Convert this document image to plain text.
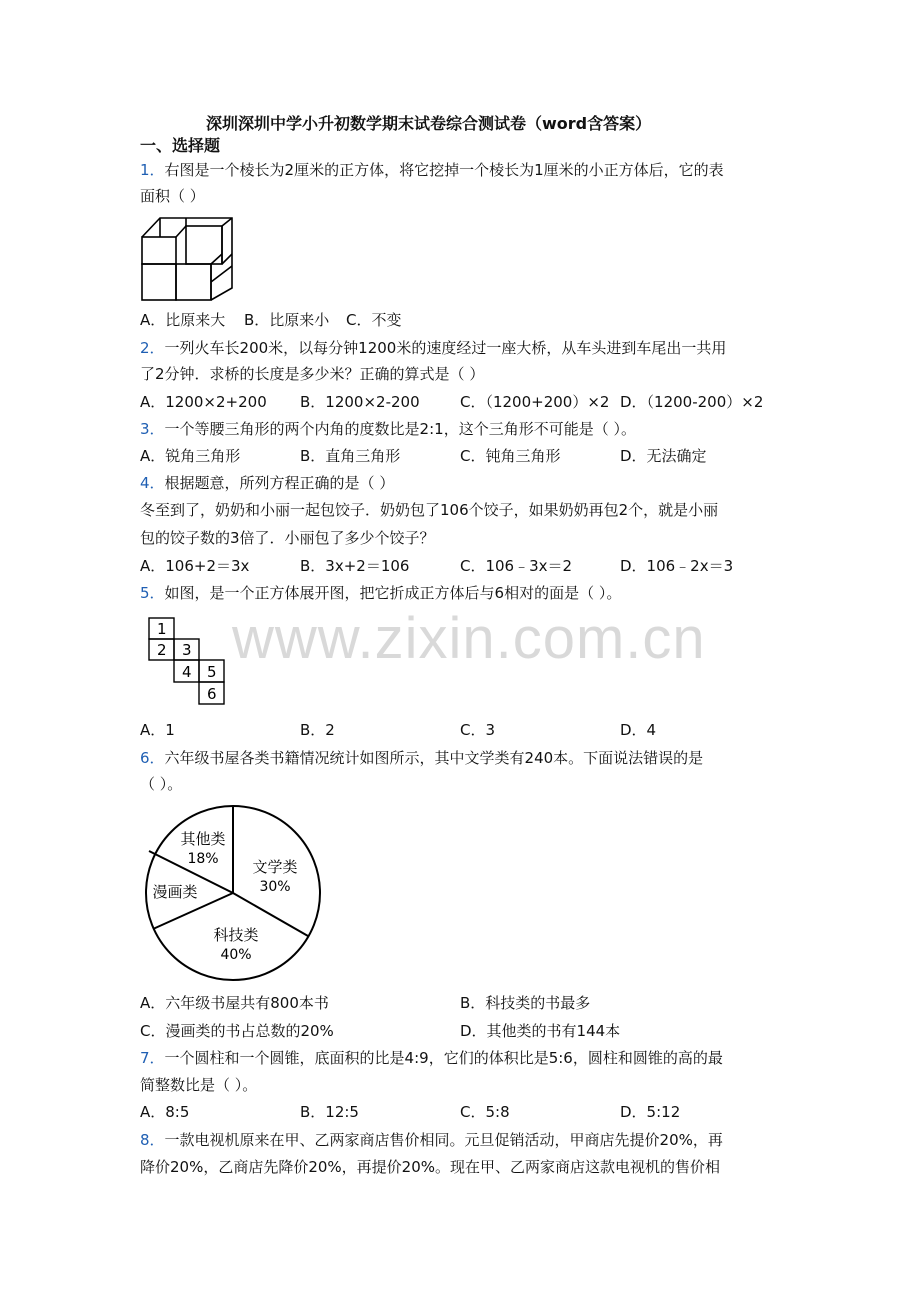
www.zixin.com.cn
深圳深圳中学小升初数学期末试卷综合测试卷（word含答案）
一、选择题
1．右图是一个棱长为2厘米的正方体，将它挖掉一个棱长为1厘米的小正方体后，它的表
面积（ ）
A．比原来大 B．比原来小 C．不变
2．一列火车长200米，以每分钟1200米的速度经过一座大桥，从车头进到车尾出一共用
了2分钟．求桥的长度是多少米？正确的算式是（ ）
A．1200×2+200 B．1200×2-200	C．（1200+200）×2 D．（1200-200）×2
3．一个等腰三角形的两个内角的度数比是2:1，这个三角形不可能是（ ）。
A．锐角三角形	B．直角三角形	C．钝角三角形	D．无法确定
4．根据题意，所列方程正确的是（ ）
冬至到了，奶奶和小丽一起包饺子．奶奶包了106个饺子，如果奶奶再包2个，就是小丽
包的饺子数的3倍了．小丽包了多少个饺子？
A．106+2＝3x	B．3x+2＝106	C．106﹣3x＝2	D．106﹣2x＝3
5．如图，是一个正方体展开图，把它折成正方体后与6相对的面是（ ）。
1
2 3
4 5
6
A．1	B．2	C．3	D．4
6．六年级书屋各类书籍情况统计如图所示，其中文学类有240本。下面说法错误的是
（ ）。
文学类
30%
科技类
40%
漫画类
其他类
18%
A．六年级书屋共有800本书	B．科技类的书最多
C．漫画类的书占总数的20%	D．其他类的书有144本
7．一个圆柱和一个圆锥，底面积的比是4:9，它们的体积比是5:6，圆柱和圆锥的高的最
简整数比是（ ）。
A．8:5	B．12:5	C．5:8	D．5:12
8．一款电视机原来在甲、乙两家商店售价相同。元旦促销活动，甲商店先提价20%，再
降价20%，乙商店先降价20%，再提价20%。现在甲、乙两家商店这款电视机的售价相
